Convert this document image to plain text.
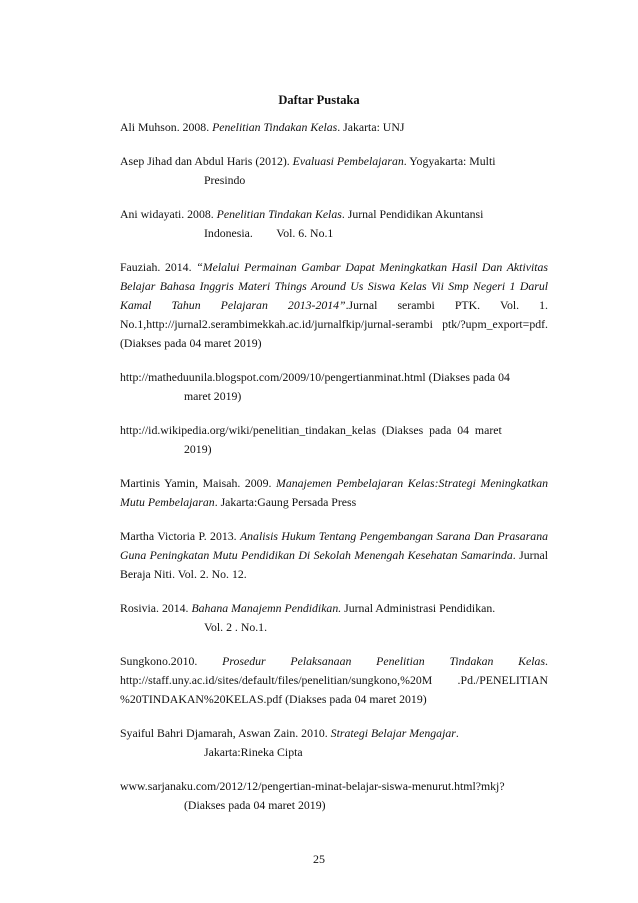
Daftar Pustaka
Ali Muhson. 2008. Penelitian Tindakan Kelas. Jakarta: UNJ
Asep Jihad dan Abdul Haris (2012). Evaluasi Pembelajaran. Yogyakarta: Multi
Presindo
Ani widayati. 2008. Penelitian Tindakan Kelas. Jurnal Pendidikan Akuntansi
Indonesia.        Vol. 6. No.1
Fauziah. 2014. “Melalui Permainan Gambar Dapat Meningkatkan Hasil Dan Aktivitas Belajar Bahasa Inggris Materi Things Around Us Siswa Kelas Vii Smp Negeri 1 Darul Kamal Tahun Pelajaran 2013-2014”.Jurnal serambi PTK. Vol. 1. No.1,http://jurnal2.serambimekkah.ac.id/jurnalfkip/jurnal-serambi ptk/?upm_export=pdf. (Diakses pada 04 maret 2019)
http://matheduunila.blogspot.com/2009/10/pengertianminat.html (Diakses pada 04
maret 2019)
http://id.wikipedia.org/wiki/penelitian_tindakan_kelas  (Diakses  pada  04  maret
2019)
Martinis Yamin, Maisah. 2009. Manajemen Pembelajaran Kelas:Strategi Meningkatkan Mutu Pembelajaran. Jakarta:Gaung Persada Press
Martha Victoria P. 2013. Analisis Hukum Tentang Pengembangan Sarana Dan Prasarana Guna Peningkatan Mutu Pendidikan Di Sekolah Menengah Kesehatan Samarinda. Jurnal Beraja Niti. Vol. 2. No. 12.
Rosivia. 2014. Bahana Manajemn Pendidikan. Jurnal Administrasi Pendidikan.
Vol. 2 . No.1.
Sungkono.2010. Prosedur Pelaksanaan Penelitian Tindakan Kelas. http://staff.uny.ac.id/sites/default/files/penelitian/sungkono,%20M .Pd./PENELITIAN %20TINDAKAN%20KELAS.pdf (Diakses pada 04 maret 2019)
Syaiful Bahri Djamarah, Aswan Zain. 2010. Strategi Belajar Mengajar.
Jakarta:Rineka Cipta
www.sarjanaku.com/2012/12/pengertian-minat-belajar-siswa-menurut.html?mkj?
(Diakses pada 04 maret 2019)
25
